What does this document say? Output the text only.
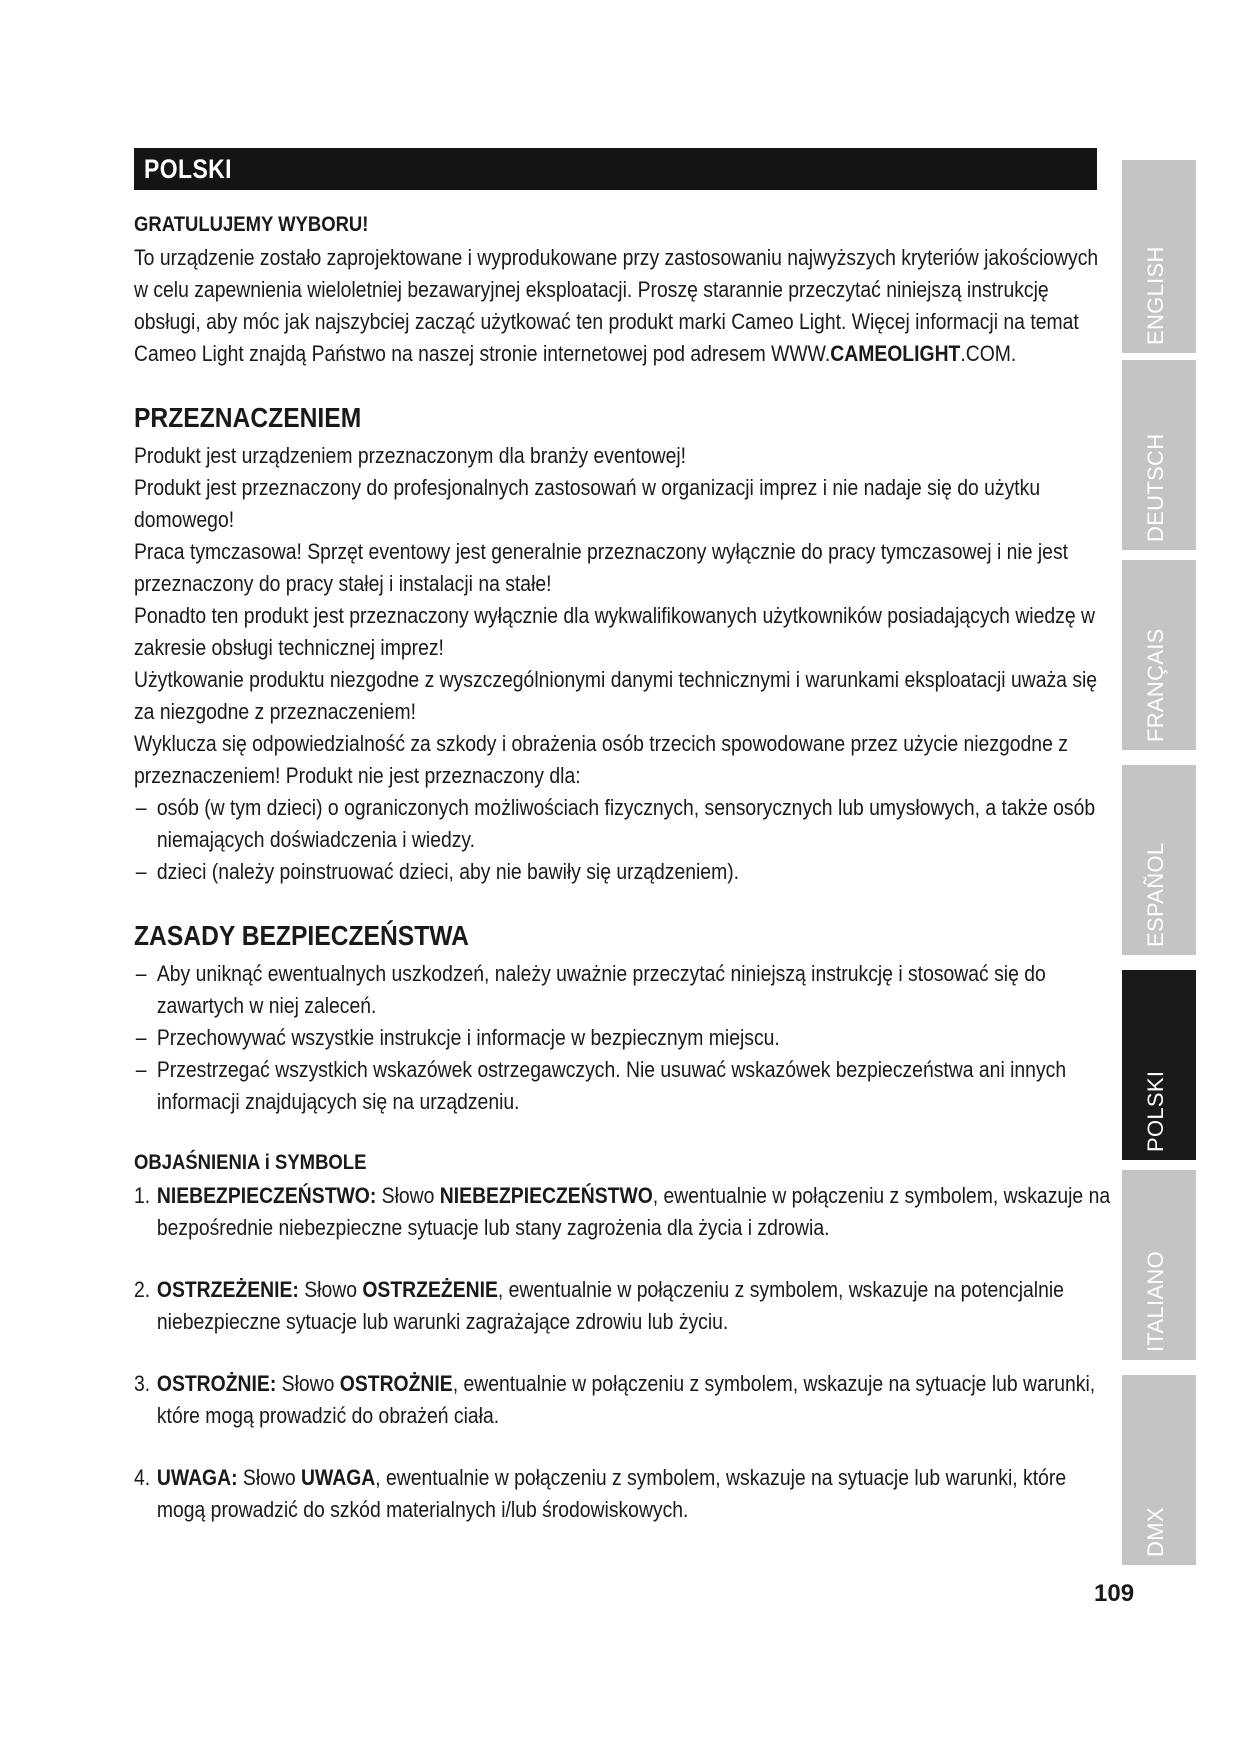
POLSKI
GRATULUJEMY WYBORU!

To urządzenie zostało zaprojektowane i wyprodukowane przy zastosowaniu najwyższych kryteriów jakościowych w celu zapewnienia wieloletniej bezawaryjnej eksploatacji. Proszę starannie przeczytać niniejszą instrukcję obsługi, aby móc jak najszybciej zacząć użytkować ten produkt marki Cameo Light. Więcej informacji na temat Cameo Light znajdą Państwo na naszej stronie internetowej pod adresem WWW.CAMEOLIGHT.COM.

PRZEZNACZENIEM

Produkt jest urządzeniem przeznaczonym dla branży eventowej!

Produkt jest przeznaczony do profesjonalnych zastosowań w organizacji imprez i nie nadaje się do użytku domowego!

Praca tymczasowa! Sprzęt eventowy jest generalnie przeznaczony wyłącznie do pracy tymczasowej i nie jest przeznaczony do pracy stałej i instalacji na stałe!

Ponadto ten produkt jest przeznaczony wyłącznie dla wykwalifikowanych użytkowników posiadających wiedzę w zakresie obsługi technicznej imprez!

Użytkowanie produktu niezgodne z wyszczególnionymi danymi technicznymi i warunkami eksploatacji uważa się za niezgodne z przeznaczeniem!

Wyklucza się odpowiedzialność za szkody i obrażenia osób trzecich spowodowane przez użycie niezgodne z przeznaczeniem! Produkt nie jest przeznaczony dla:

– osób (w tym dzieci) o ograniczonych możliwościach fizycznych, sensorycznych lub umysłowych, a także osób niemających doświadczenia i wiedzy.

– dzieci (należy poinstruować dzieci, aby nie bawiły się urządzeniem).

ZASADY BEZPIECZEŃSTWA

– Aby uniknąć ewentualnych uszkodzeń, należy uważnie przeczytać niniejszą instrukcję i stosować się do zawartych w niej zaleceń.

– Przechowywać wszystkie instrukcje i informacje w bezpiecznym miejscu.

– Przestrzegać wszystkich wskazówek ostrzegawczych. Nie usuwać wskazówek bezpieczeństwa ani innych informacji znajdujących się na urządzeniu.

OBJAŚNIENIA i SYMBOLE
1. NIEBEZPIECZEŃSTWO: Słowo NIEBEZPIECZEŃSTWO, ewentualnie w połączeniu z symbolem, wskazuje na bezpośrednie niebezpieczne sytuacje lub stany zagrożenia dla życia i zdrowia.
2. OSTRZEŻENIE: Słowo OSTRZEŻENIE, ewentualnie w połączeniu z symbolem, wskazuje na potencjalnie niebezpieczne sytuacje lub warunki zagrażające zdrowiu lub życiu.
3. OSTROŻNIE: Słowo OSTROŻNIE, ewentualnie w połączeniu z symbolem, wskazuje na sytuacje lub warunki, które mogą prowadzić do obrażeń ciała.
4. UWAGA: Słowo UWAGA, ewentualnie w połączeniu z symbolem, wskazuje na sytuacje lub warunki, które mogą prowadzić do szkód materialnych i/lub środowiskowych.
ENGLISH
DEUTSCH
FRANÇAIS
ESPAÑOL
POLSKI
ITALIANO
DMX
109
